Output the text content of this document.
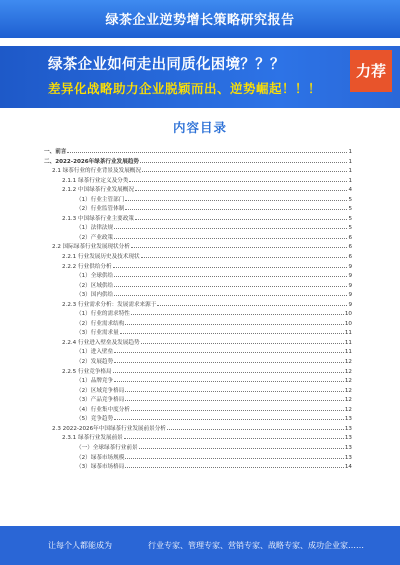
绿茶企业逆势增长策略研究报告
绿茶企业如何走出同质化困境？？？
差异化战略助力企业脱颖而出、逆势崛起！！！
力荐
内容目录
一、前言	1
二、2022-2026年绿茶行业发展趋势	1
2.1 绿茶行业的行业背景及发展概况	1
2.1.1 绿茶行业定义及分类	1
2.1.2 中国绿茶行业发展概况	4
（1）行业主管部门	5
（2）行业监管体制	5
2.1.3 中国绿茶行业主要政策	5
（1）法律法规	5
（2）产业政策	6
2.2 国际绿茶行业发展现状分析	6
2.2.1 行业发展历史及技术现状	6
2.2.2 行业供给分析	9
（1）全球供给	9
（2）区域供给	9
（3）国内供给	9
2.2.3 行业需求分析：发展需求来源于	9
（1）行业的需求特性	10
（2）行业需求结构	10
（3）行业需求量	11
2.2.4 行业进入壁垒及发展趋势	11
（1）进入壁垒	11
（2）发展趋势	12
2.2.5 行业竞争格局	12
（1）品牌竞争	12
（2）区域竞争格局	12
（3）产品竞争格局	12
（4）行业集中度分析	12
（5）竞争趋势	13
2.3 2022-2026年中国绿茶行业发展前景分析	13
2.3.1 绿茶行业发展前景	13
（一）全球绿茶行业前景	13
（2）绿茶市场规模	13
（3）绿茶市场格局	14
让每个人都能成为	行业专家、管理专家、营销专家、战略专家、成功企业家……
